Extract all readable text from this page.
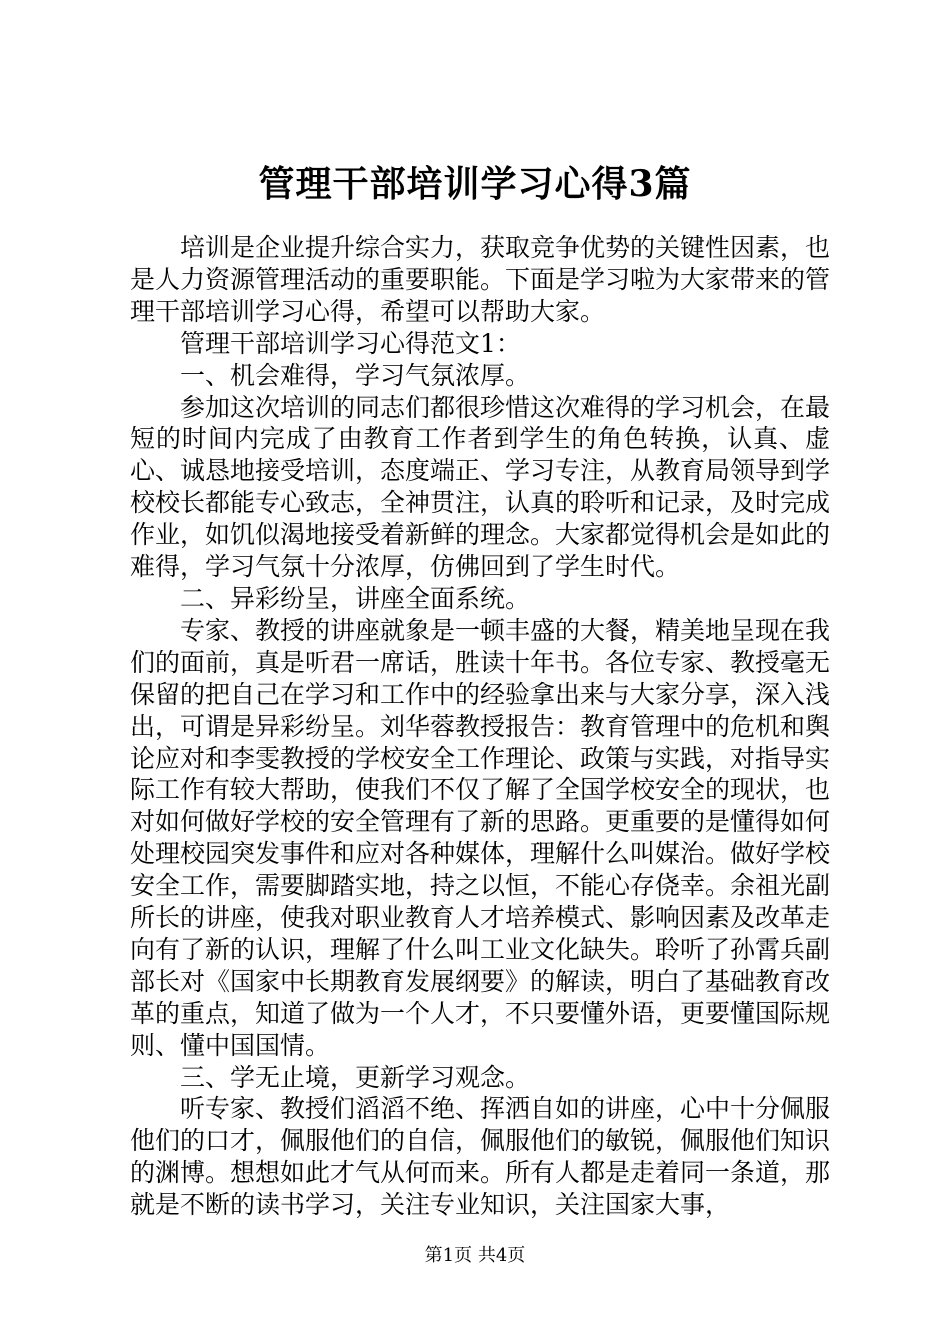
管理干部培训学习心得3篇

培训是企业提升综合实力，获取竞争优势的关键性因素，也是人力资源管理活动的重要职能。下面是学习啦为大家带来的管理干部培训学习心得，希望可以帮助大家。

管理干部培训学习心得范文1：

一、机会难得，学习气氛浓厚。

参加这次培训的同志们都很珍惜这次难得的学习机会，在最短的时间内完成了由教育工作者到学生的角色转换，认真、虚心、诚恳地接受培训，态度端正、学习专注，从教育局领导到学校校长都能专心致志，全神贯注，认真的聆听和记录，及时完成作业，如饥似渴地接受着新鲜的理念。大家都觉得机会是如此的难得，学习气氛十分浓厚，仿佛回到了学生时代。

二、异彩纷呈，讲座全面系统。

专家、教授的讲座就象是一顿丰盛的大餐，精美地呈现在我们的面前，真是听君一席话，胜读十年书。各位专家、教授毫无保留的把自己在学习和工作中的经验拿出来与大家分享，深入浅出，可谓是异彩纷呈。刘华蓉教授报告：教育管理中的危机和舆论应对和李雯教授的学校安全工作理论、政策与实践，对指导实际工作有较大帮助，使我们不仅了解了全国学校安全的现状，也对如何做好学校的安全管理有了新的思路。更重要的是懂得如何处理校园突发事件和应对各种媒体，理解什么叫媒治。做好学校安全工作，需要脚踏实地，持之以恒，不能心存侥幸。余祖光副所长的讲座，使我对职业教育人才培养模式、影响因素及改革走向有了新的认识，理解了什么叫工业文化缺失。聆听了孙霄兵副部长对《国家中长期教育发展纲要》的解读，明白了基础教育改革的重点，知道了做为一个人才，不只要懂外语，更要懂国际规则、懂中国国情。

三、学无止境，更新学习观念。

听专家、教授们滔滔不绝、挥洒自如的讲座，心中十分佩服他们的口才，佩服他们的自信，佩服他们的敏锐，佩服他们知识的渊博。想想如此才气从何而来。所有人都是走着同一条道，那就是不断的读书学习，关注专业知识，关注国家大事，

第1页 共4页
